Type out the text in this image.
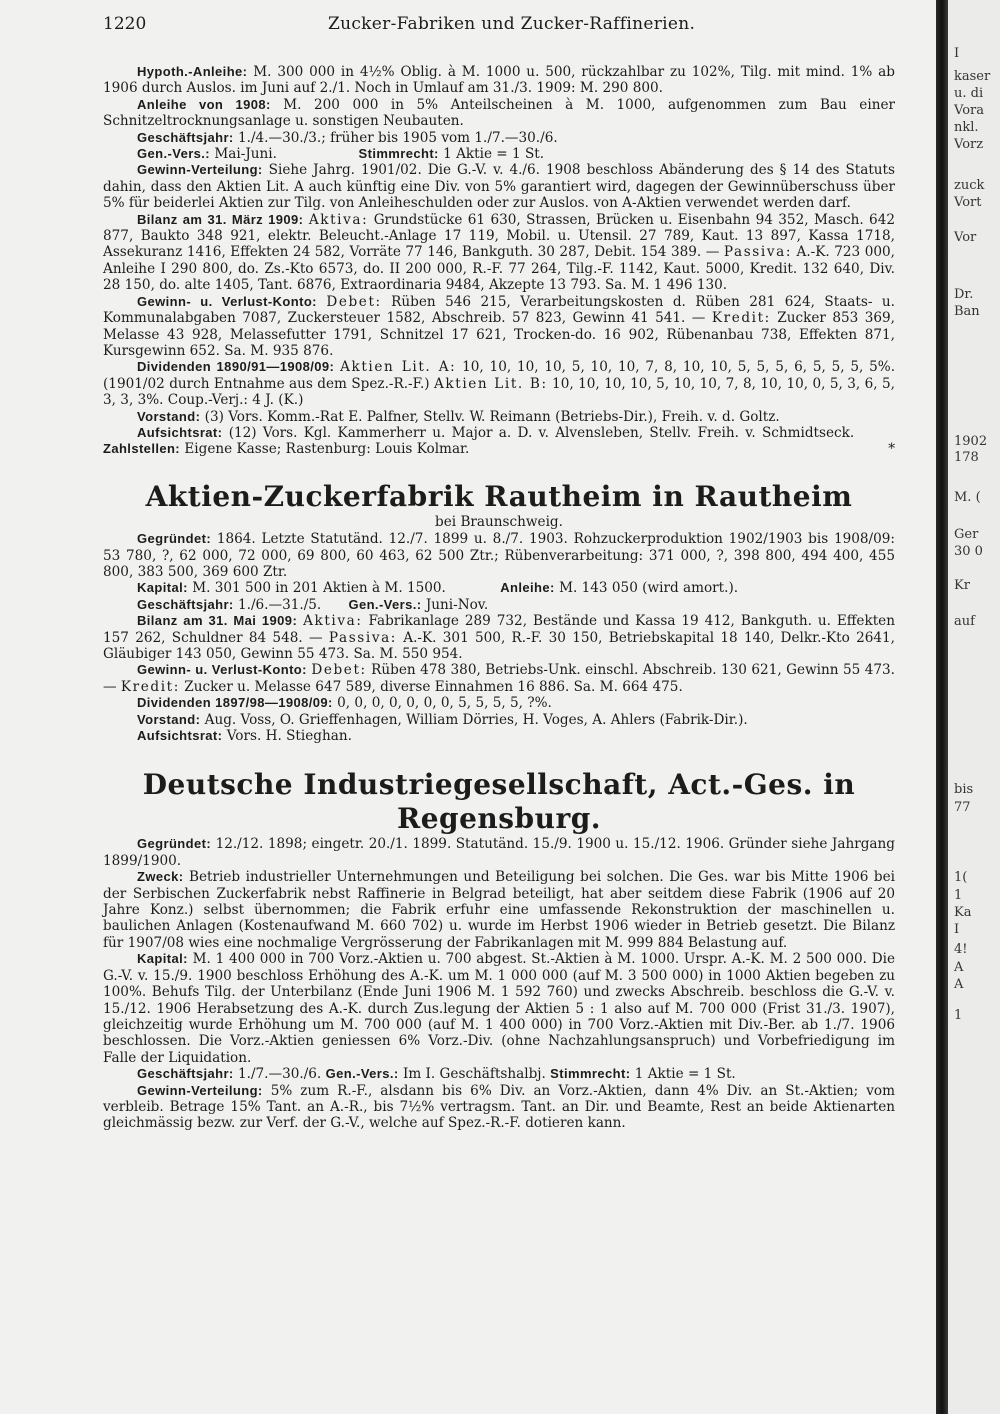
1220	Zucker-Fabriken und Zucker-Raffinerien.

Hypoth.-Anleihe: M. 300 000 in 4½% Oblig. à M. 1000 u. 500, rückzahlbar zu 102%, Tilg. mit mind. 1% ab 1906 durch Auslos. im Juni auf 2./1. Noch in Umlauf am 31./3. 1909: M. 290 800.

Anleihe von 1908: M. 200 000 in 5% Anteilscheinen à M. 1000, aufgenommen zum Bau einer Schnitzeltrocknungsanlage u. sonstigen Neubauten.

Geschäftsjahr: 1./4.—30./3.; früher bis 1905 vom 1./7.—30./6.

Gen.-Vers.: Mai-Juni.      	Stimmrecht: 1 Aktie = 1 St.

Gewinn-Verteilung: Siehe Jahrg. 1901/02. Die G.-V. v. 4./6. 1908 beschloss Abänderung des § 14 des Statuts dahin, dass den Aktien Lit. A auch künftig eine Div. von 5% garantiert wird, dagegen der Gewinnüberschuss über 5% für beiderlei Aktien zur Tilg. von Anleiheschulden oder zur Auslos. von A-Aktien verwendet werden darf.

Bilanz am 31. März 1909: Aktiva: Grundstücke 61 630, Strassen, Brücken u. Eisenbahn 94 352, Masch. 642 877, Baukto 348 921, elektr. Beleucht.-Anlage 17 119, Mobil. u. Utensil. 27 789, Kaut. 13 897, Kassa 1718, Assekuranz 1416, Effekten 24 582, Vorräte 77 146, Bankguth. 30 287, Debit. 154 389. — Passiva: A.-K. 723 000, Anleihe I 290 800, do. Zs.-Kto 6573, do. II 200 000, R.-F. 77 264, Tilg.-F. 1142, Kaut. 5000, Kredit. 132 640, Div. 28 150, do. alte 1405, Tant. 6876, Extraordinaria 9484, Akzepte 13 793. Sa. M. 1 496 130.

Gewinn- u. Verlust-Konto: Debet: Rüben 546 215, Verarbeitungskosten d. Rüben 281 624, Staats- u. Kommunalabgaben 7087, Zuckersteuer 1582, Abschreib. 57 823, Gewinn 41 541. — Kredit: Zucker 853 369, Melasse 43 928, Melassefutter 1791, Schnitzel 17 621, Trocken-do. 16 902, Rübenanbau 738, Effekten 871, Kursgewinn 652. Sa. M. 935 876.

Dividenden 1890/91—1908/09: Aktien Lit. A: 10, 10, 10, 10, 5, 10, 10, 7, 8, 10, 10, 5, 5, 5, 6, 5, 5, 5, 5%. (1901/02 durch Entnahme aus dem Spez.-R.-F.) Aktien Lit. B: 10, 10, 10, 10, 5, 10, 10, 7, 8, 10, 10, 0, 5, 3, 6, 5, 3, 3, 3%. Coup.-Verj.: 4 J. (K.)

Vorstand: (3) Vors. Komm.-Rat E. Palfner, Stellv. W. Reimann (Betriebs-Dir.), Freih. v. d. Goltz.

Aufsichtsrat: (12) Vors. Kgl. Kammerherr u. Major a. D. v. Alvensleben, Stellv. Freih. v. Schmidtseck.   Zahlstellen: Eigene Kasse; Rastenburg: Louis Kolmar.	*

Aktien-Zuckerfabrik Rautheim in Rautheim
bei Braunschweig.

Gegründet: 1864. Letzte Statutänd. 12./7. 1899 u. 8./7. 1903. Rohzuckerproduktion 1902/1903 bis 1908/09: 53 780, ?, 62 000, 72 000, 69 800, 60 463, 62 500 Ztr.; Rübenverarbeitung: 371 000, ?, 398 800, 494 400, 455 800, 383 500, 369 600 Ztr.

Kapital: M. 301 500 in 201 Aktien à M. 1500.    	Anleihe: M. 143 050 (wird amort.).

Geschäftsjahr: 1./6.—31./5.   Gen.-Vers.: Juni-Nov.

Bilanz am 31. Mai 1909: Aktiva: Fabrikanlage 289 732, Bestände und Kassa 19 412, Bankguth. u. Effekten 157 262, Schuldner 84 548. — Passiva: A.-K. 301 500, R.-F. 30 150, Betriebskapital 18 140, Delkr.-Kto 2641, Gläubiger 143 050, Gewinn 55 473. Sa. M. 550 954.

Gewinn- u. Verlust-Konto: Debet: Rüben 478 380, Betriebs-Unk. einschl. Abschreib. 130 621, Gewinn 55 473. — Kredit: Zucker u. Melasse 647 589, diverse Einnahmen 16 886. Sa. M. 664 475.

Dividenden 1897/98—1908/09: 0, 0, 0, 0, 0, 0, 0, 5, 5, 5, 5, ?%.

Vorstand: Aug. Voss, O. Grieffenhagen, William Dörries, H. Voges, A. Ahlers (Fabrik-Dir.).

Aufsichtsrat: Vors. H. Stieghan.

Deutsche Industriegesellschaft, Act.-Ges. in Regensburg.

Gegründet: 12./12. 1898; eingetr. 20./1. 1899. Statutänd. 15./9. 1900 u. 15./12. 1906. Gründer siehe Jahrgang 1899/1900.

Zweck: Betrieb industrieller Unternehmungen und Beteiligung bei solchen. Die Ges. war bis Mitte 1906 bei der Serbischen Zuckerfabrik nebst Raffinerie in Belgrad beteiligt, hat aber seitdem diese Fabrik (1906 auf 20 Jahre Konz.) selbst übernommen; die Fabrik erfuhr eine umfassende Rekonstruktion der maschinellen u. baulichen Anlagen (Kostenaufwand M. 660 702) u. wurde im Herbst 1906 wieder in Betrieb gesetzt. Die Bilanz für 1907/08 wies eine nochmalige Vergrösserung der Fabrikanlagen mit M. 999 884 Belastung auf.

Kapital: M. 1 400 000 in 700 Vorz.-Aktien u. 700 abgest. St.-Aktien à M. 1000. Urspr. A.-K. M. 2 500 000. Die G.-V. v. 15./9. 1900 beschloss Erhöhung des A.-K. um M. 1 000 000 (auf M. 3 500 000) in 1000 Aktien begeben zu 100%. Behufs Tilg. der Unterbilanz (Ende Juni 1906 M. 1 592 760) und zwecks Abschreib. beschloss die G.-V. v. 15./12. 1906 Herabsetzung des A.-K. durch Zus.legung der Aktien 5 : 1 also auf M. 700 000 (Frist 31./3. 1907), gleichzeitig wurde Erhöhung um M. 700 000 (auf M. 1 400 000) in 700 Vorz.-Aktien mit Div.-Ber. ab 1./7. 1906 beschlossen. Die Vorz.-Aktien geniessen 6% Vorz.-Div. (ohne Nachzahlungsanspruch) und Vorbefriedigung im Falle der Liquidation.

Geschäftsjahr: 1./7.—30./6. Gen.-Vers.: Im I. Geschäftshalbj. Stimmrecht: 1 Aktie = 1 St.

Gewinn-Verteilung: 5% zum R.-F., alsdann bis 6% Div. an Vorz.-Aktien, dann 4% Div. an St.-Aktien; vom verbleib. Betrage 15% Tant. an A.-R., bis 7½% vertragsm. Tant. an Dir. und Beamte, Rest an beide Aktienarten gleichmässig bezw. zur Verf. der G.-V., welche auf Spez.-R.-F. dotieren kann.

I
kaser
u. di
Vora
nkl.
Vorz
zuck
Vort
Vor
Dr.
Ban
1902
178
M. (
Ger
30 0
Kr
auf
bis
77
1(
1
Ka
I
4!
A
A
1
